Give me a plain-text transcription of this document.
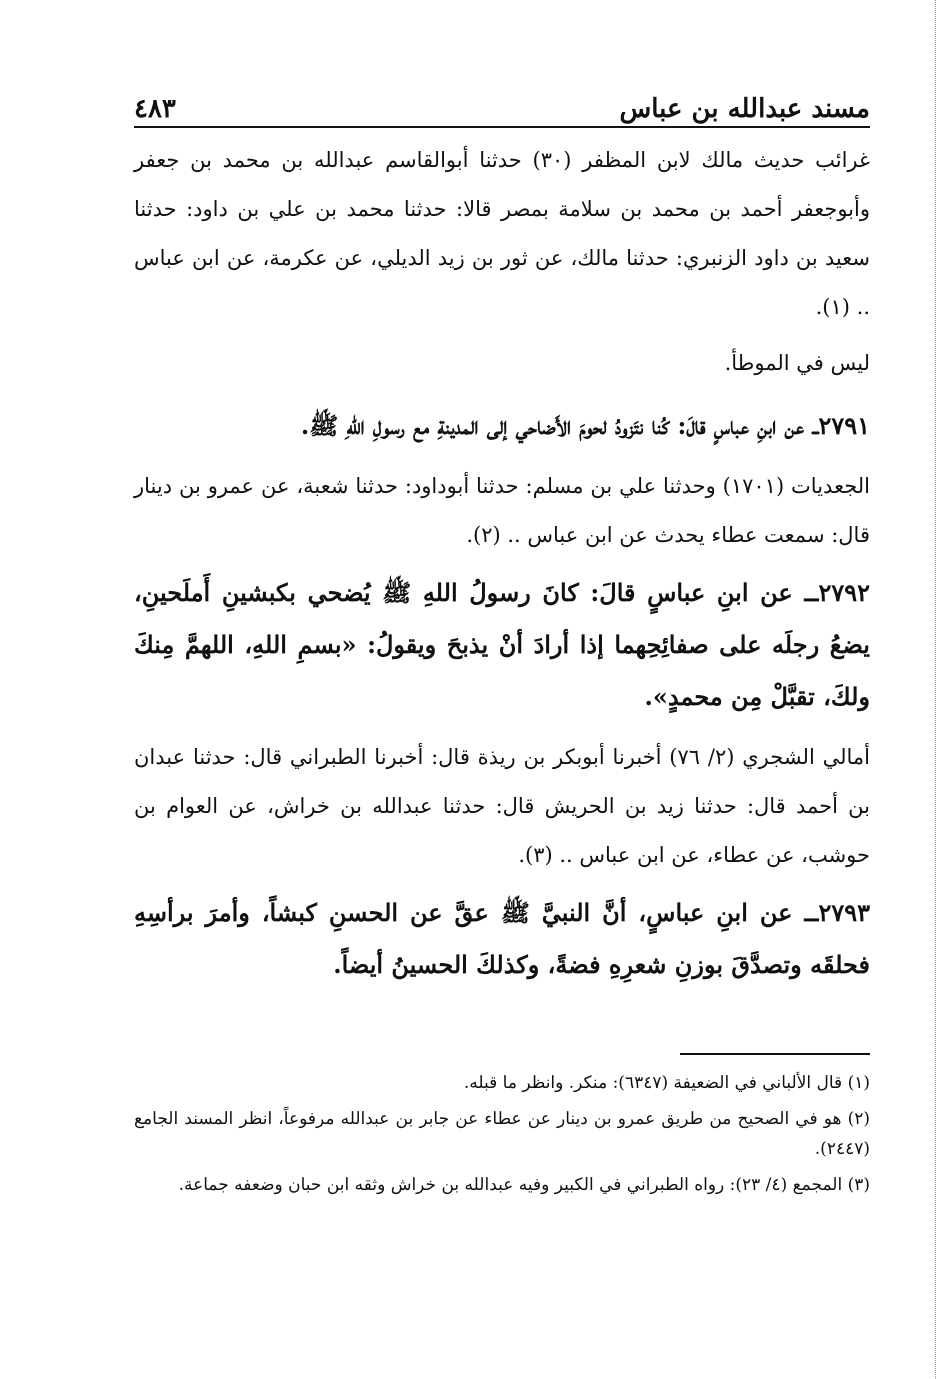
مسند عبدالله بن عباس
٤٨٣

غرائب حديث مالك لابن المظفر (٣٠) حدثنا أبوالقاسم عبدالله بن محمد بن جعفر وأبوجعفر أحمد بن محمد بن سلامة بمصر قالا: حدثنا محمد بن علي بن داود: حدثنا سعيد بن داود الزنبري: حدثنا مالك، عن ثور بن زيد الديلي، عن عكرمة، عن ابن عباس .. (١).

ليس في الموطأ.

٢٧٩١ــ عن ابنِ عباسٍ قالَ: كُنا نتَزودُ لحومَ الأَضاحي إلى المدينةِ مع رسولِ اللهِ ﷺ.

الجعديات (١٧٠١) وحدثنا علي بن مسلم: حدثنا أبوداود: حدثنا شعبة، عن عمرو بن دينار قال: سمعت عطاء يحدث عن ابن عباس .. (٢).

٢٧٩٢ــ عن ابنِ عباسٍ قالَ: كانَ رسولُ اللهِ ﷺ يُضحي بكبشينِ أَملَحينِ، يضعُ رجلَه على صفائِحِهما إذا أرادَ أنْ يذبحَ ويقولُ: «بسمِ اللهِ، اللهمَّ مِنكَ ولكَ، تقبَّلْ مِن محمدٍ».

أمالي الشجري (٢/ ٧٦) أخبرنا أبوبكر بن ريذة قال: أخبرنا الطبراني قال: حدثنا عبدان بن أحمد قال: حدثنا زيد بن الحريش قال: حدثنا عبدالله بن خراش، عن العوام بن حوشب، عن عطاء، عن ابن عباس .. (٣).

٢٧٩٣ــ عن ابنِ عباسٍ، أنَّ النبيَّ ﷺ عقَّ عن الحسنِ كبشاً، وأمرَ برأسِهِ فحلقَه وتصدَّقَ بوزنِ شعرِهِ فضةً، وكذلكَ الحسينُ أيضاً.

(١) قال الألباني في الضعيفة (٦٣٤٧): منكر. وانظر ما قبله.

(٢) هو في الصحيح من طريق عمرو بن دينار عن عطاء عن جابر بن عبدالله مرفوعاً، انظر المسند الجامع (٢٤٤٧).

(٣) المجمع (٤/ ٢٣): رواه الطبراني في الكبير وفيه عبدالله بن خراش وثقه ابن حبان وضعفه جماعة.
